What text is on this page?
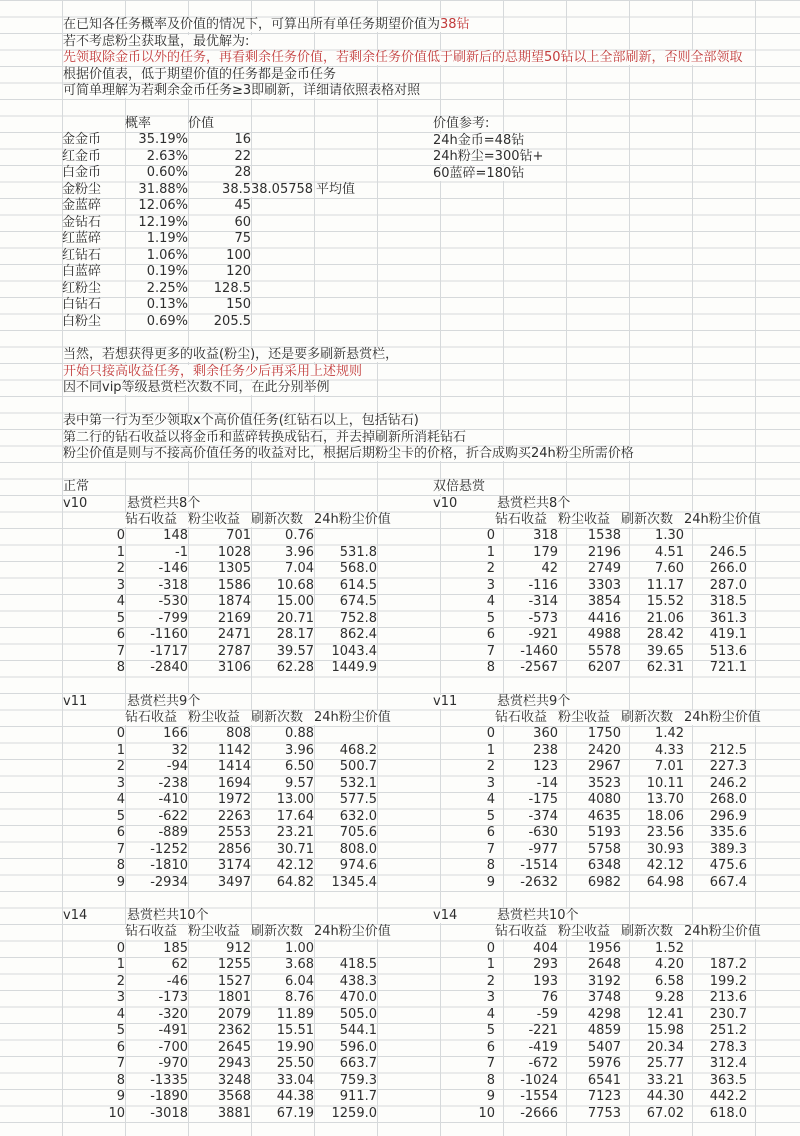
在已知各任务概率及价值的情况下，可算出所有单任务期望价值为38钻
若不考虑粉尘获取量，最优解为:
先领取除金币以外的任务，再看剩余任务价值，若剩余任务价值低于刷新后的总期望50钻以上全部刷新，否则全部领取
根据价值表，低于期望价值的任务都是金币任务
可简单理解为若剩余金币任务≥3即刷新，详细请依照表格对照
	概率	价值
金金币	35.19%	16
红金币	2.63%	22
白金币	0.60%	28
金粉尘	31.88%	38.5
金蓝碎	12.06%	45
金钻石	12.19%	60
红蓝碎	1.19%	75
红钻石	1.06%	100
白蓝碎	0.19%	120
红粉尘	2.25%	128.5
白钻石	0.13%	150
白粉尘	0.69%	205.5
38.05758 平均值
价值参考:
24h金币=48钻
24h粉尘=300钻+
60蓝碎=180钻
当然，若想获得更多的收益(粉尘)，还是要多刷新悬赏栏，
开始只接高收益任务，剩余任务少后再采用上述规则
因不同vip等级悬赏栏次数不同，在此分别举例
表中第一行为至少领取x个高价值任务(红钻石以上，包括钻石)
第二行的钻石收益以将金币和蓝碎转换成钻石，并去掉刷新所消耗钻石
粉尘价值是则与不接高价值任务的收益对比，根据后期粉尘卡的价格，折合成购买24h粉尘所需价格
正常	双倍悬赏
v10	悬赏栏共8个	v10	悬赏栏共8个
	钻石收益	粉尘收益	刷新次数	24h粉尘价值
0	148	701	0.76	
1	-1	1028	3.96	531.8
2	-146	1305	7.04	568.0
3	-318	1586	10.68	614.5
4	-530	1874	15.00	674.5
5	-799	2169	20.71	752.8
6	-1160	2471	28.17	862.4
7	-1717	2787	39.57	1043.4
8	-2840	3106	62.28	1449.9
	钻石收益	粉尘收益	刷新次数	24h粉尘价值
0	318	1538	1.30	
1	179	2196	4.51	246.5
2	42	2749	7.60	266.0
3	-116	3303	11.17	287.0
4	-314	3854	15.52	318.5
5	-573	4416	21.06	361.3
6	-921	4988	28.42	419.1
7	-1460	5578	39.65	513.6
8	-2567	6207	62.31	721.1
v11	悬赏栏共9个	v11	悬赏栏共9个
	钻石收益	粉尘收益	刷新次数	24h粉尘价值
0	166	808	0.88	
1	32	1142	3.96	468.2
2	-94	1414	6.50	500.7
3	-238	1694	9.57	532.1
4	-410	1972	13.00	577.5
5	-622	2263	17.64	632.0
6	-889	2553	23.21	705.6
7	-1252	2856	30.71	808.0
8	-1810	3174	42.12	974.6
9	-2934	3497	64.82	1345.4
	钻石收益	粉尘收益	刷新次数	24h粉尘价值
0	360	1750	1.42	
1	238	2420	4.33	212.5
2	123	2967	7.01	227.3
3	-14	3523	10.11	246.2
4	-175	4080	13.70	268.0
5	-374	4635	18.06	296.9
6	-630	5193	23.56	335.6
7	-977	5758	30.93	389.3
8	-1514	6348	42.12	475.6
9	-2632	6982	64.98	667.4
v14	悬赏栏共10个	v14	悬赏栏共10个
	钻石收益	粉尘收益	刷新次数	24h粉尘价值
0	185	912	1.00	
1	62	1255	3.68	418.5
2	-46	1527	6.04	438.3
3	-173	1801	8.76	470.0
4	-320	2079	11.89	505.0
5	-491	2362	15.51	544.1
6	-700	2645	19.90	596.0
7	-970	2943	25.50	663.7
8	-1335	3248	33.04	759.3
9	-1890	3568	44.38	911.7
10	-3018	3881	67.19	1259.0
	钻石收益	粉尘收益	刷新次数	24h粉尘价值
0	404	1956	1.52	
1	293	2648	4.20	187.2
2	193	3192	6.58	199.2
3	76	3748	9.28	213.6
4	-59	4298	12.41	230.7
5	-221	4859	15.98	251.2
6	-419	5407	20.34	278.3
7	-672	5976	25.77	312.4
8	-1024	6541	33.21	363.5
9	-1554	7123	44.30	442.2
10	-2666	7753	67.02	618.0
